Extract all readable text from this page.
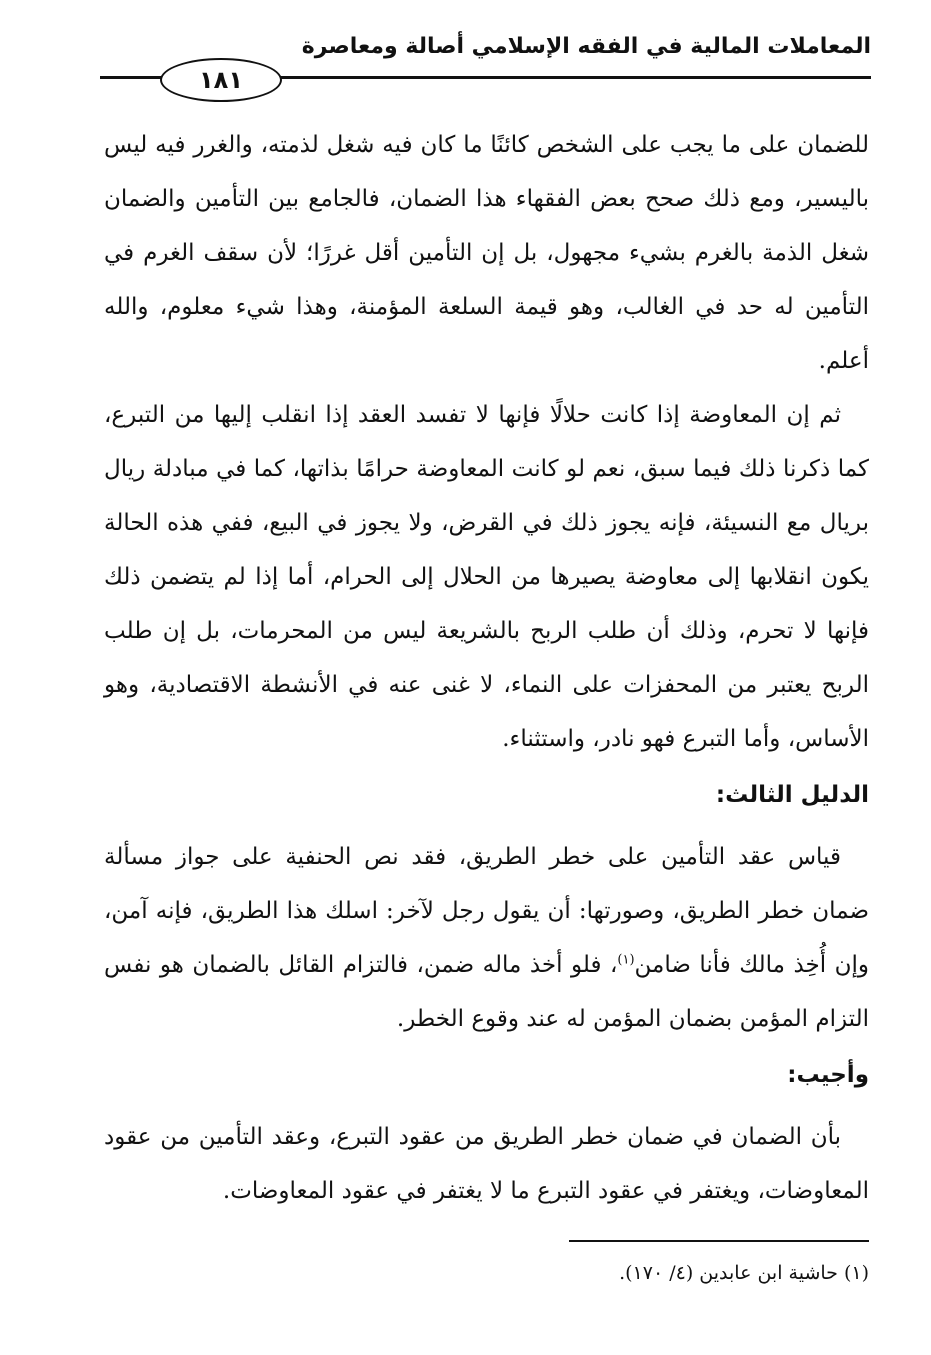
المعاملات المالية في الفقه الإسلامي أصالة ومعاصرة
١٨١

للضمان على ما يجب على الشخص كائنًا ما كان فيه شغل لذمته، والغرر فيه ليس باليسير، ومع ذلك صحح بعض الفقهاء هذا الضمان، فالجامع بين التأمين والضمان شغل الذمة بالغرم بشيء مجهول، بل إن التأمين أقل غررًا؛ لأن سقف الغرم في التأمين له حد في الغالب، وهو قيمة السلعة المؤمنة، وهذا شيء معلوم، والله أعلم.

ثم إن المعاوضة إذا كانت حلالًا فإنها لا تفسد العقد إذا انقلب إليها من التبرع، كما ذكرنا ذلك فيما سبق، نعم لو كانت المعاوضة حرامًا بذاتها، كما في مبادلة ريال بريال مع النسيئة، فإنه يجوز ذلك في القرض، ولا يجوز في البيع، ففي هذه الحالة يكون انقلابها إلى معاوضة يصيرها من الحلال إلى الحرام، أما إذا لم يتضمن ذلك فإنها لا تحرم، وذلك أن طلب الربح بالشريعة ليس من المحرمات، بل إن طلب الربح يعتبر من المحفزات على النماء، لا غنى عنه في الأنشطة الاقتصادية، وهو الأساس، وأما التبرع فهو نادر، واستثناء.

الدليل الثالث:

قياس عقد التأمين على خطر الطريق، فقد نص الحنفية على جواز مسألة ضمان خطر الطريق، وصورتها: أن يقول رجل لآخر: اسلك هذا الطريق، فإنه آمن، وإن أُخِذ مالك فأنا ضامن$^{(١)}$، فلو أخذ ماله ضمن، فالتزام القائل بالضمان هو نفس التزام المؤمن بضمان المؤمن له عند وقوع الخطر.

وأجيب:

بأن الضمان في ضمان خطر الطريق من عقود التبرع، وعقد التأمين من عقود المعاوضات، ويغتفر في عقود التبرع ما لا يغتفر في عقود المعاوضات.

(١) حاشية ابن عابدين (٤/ ١٧٠).
